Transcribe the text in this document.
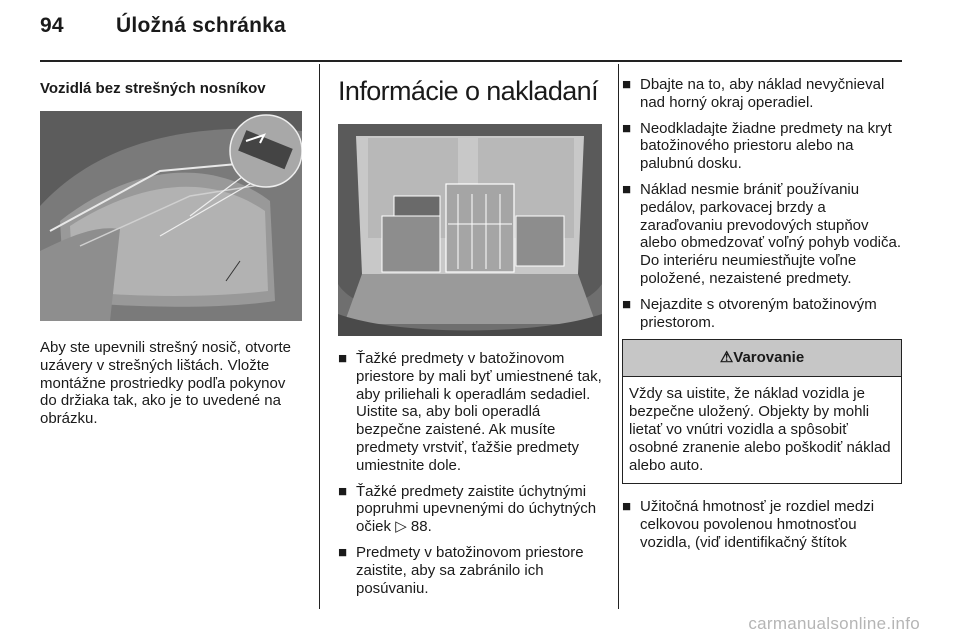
94 Úložná schránka
Vozidlá bez strešných nosníkov

Aby ste upevnili strešný nosič, otvorte uzávery v strešných lištách. Vložte montážne prostriedky podľa pokynov do držiaka tak, ako je to uvedené na obrázku.

Informácie o nakladaní
■ Ťažké predmety v batožinovom priestore by mali byť umiestnené tak, aby priliehali k operadlám sedadiel. Uistite sa, aby boli operadlá bezpečne zaistené. Ak musíte predmety vrstviť, ťažšie predmety umiestnite dole.
■ Ťažké predmety zaistite úchytnými popruhmi upevnenými do úchytných očiek ▷ 88.
■ Predmety v batožinovom priestore zaistite, aby sa zabránilo ich posúvaniu.
■ Dbajte na to, aby náklad nevyčnieval nad horný okraj operadiel.
■ Neodkladajte žiadne predmety na kryt batožinového priestoru alebo na palubnú dosku.
■ Náklad nesmie brániť používaniu pedálov, parkovacej brzdy a zaraďovaniu prevodových stupňov alebo obmedzovať voľný pohyb vodiča. Do interiéru neumiestňujte voľne položené, nezaistené predmety.
■ Nejazdite s otvoreným batožinovým priestorom.
⚠Varovanie
Vždy sa uistite, že náklad vozidla je bezpečne uložený. Objekty by mohli lietať vo vnútri vozidla a spôsobiť osobné zranenie alebo poškodiť náklad alebo auto.
■ Užitočná hmotnosť je rozdiel medzi celkovou povolenou hmotnosťou vozidla, (viď identifikačný štítok
carmanualsonline.info
